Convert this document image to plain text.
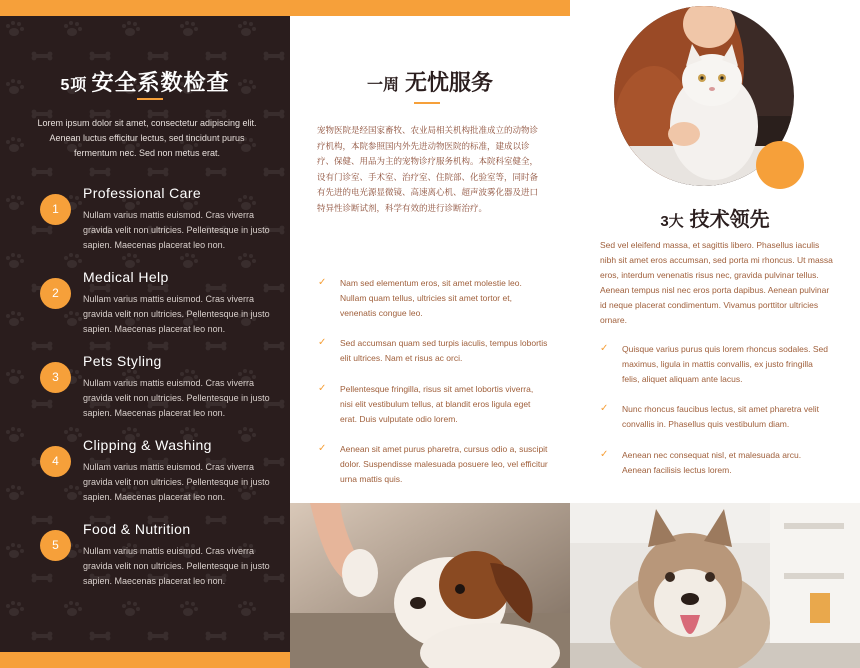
5项 安全系数检查

Lorem ipsum dolor sit amet, consectetur adipiscing elit. Aenean luctus efficitur lectus, sed tincidunt purus fermentum nec. Sed non metus erat.

1
Professional Care
Nullam varius mattis euismod. Cras viverra gravida velit non ultricies. Pellentesque in justo sapien. Maecenas placerat leo non.
2
Medical Help
Nullam varius mattis euismod. Cras viverra gravida velit non ultricies. Pellentesque in justo sapien. Maecenas placerat leo non.
3
Pets Styling
Nullam varius mattis euismod. Cras viverra gravida velit non ultricies. Pellentesque in justo sapien. Maecenas placerat leo non.
4
Clipping & Washing
Nullam varius mattis euismod. Cras viverra gravida velit non ultricies. Pellentesque in justo sapien. Maecenas placerat leo non.
5
Food & Nutrition
Nullam varius mattis euismod. Cras viverra gravida velit non ultricies. Pellentesque in justo sapien. Maecenas placerat leo non.
一周 无忧服务

宠物医院是经国家畜牧、农业局相关机构批准成立的动物诊疗机构，本院参照国内外先进动物医院的标准，建成以诊疗、保健、用品为主的宠物诊疗服务机构。本院科室健全，设有门诊室、手术室、治疗室、住院部、化验室等，同时备有先进的电光源显微镜、高速离心机、超声波雾化器及进口特异性诊断试剂，科学有效的进行诊断治疗。

✓ Nam sed elementum eros, sit amet molestie leo. Nullam quam tellus, ultricies sit amet tortor et, venenatis congue leo.
✓ Sed accumsan quam sed turpis iaculis, tempus lobortis elit ultrices. Nam et risus ac orci.
✓ Pellentesque fringilla, risus sit amet lobortis viverra, nisi elit vestibulum tellus, at blandit eros ligula eget erat. Duis vulputate odio lorem.
✓ Aenean sit amet purus pharetra, cursus odio a, suscipit dolor. Suspendisse malesuada posuere leo, vel efficitur urna mattis quis.
3大 技术领先

Sed vel eleifend massa, et sagittis libero. Phasellus iaculis nibh sit amet eros accumsan, sed porta mi rhoncus. Ut massa eros, interdum venenatis risus nec, gravida pulvinar tellus. Aenean tempus nisl nec eros porta dapibus. Aenean pulvinar id neque placerat condimentum. Vivamus porttitor ultricies ornare.

✓ Quisque varius purus quis lorem rhoncus sodales. Sed maximus, ligula in mattis convallis, ex justo fringilla felis, aliquet aliquam ante lacus.
✓ Nunc rhoncus faucibus lectus, sit amet pharetra velit convallis in. Phasellus quis vestibulum diam.
✓ Aenean nec consequat nisl, et malesuada arcu. Aenean facilisis lectus lorem.
